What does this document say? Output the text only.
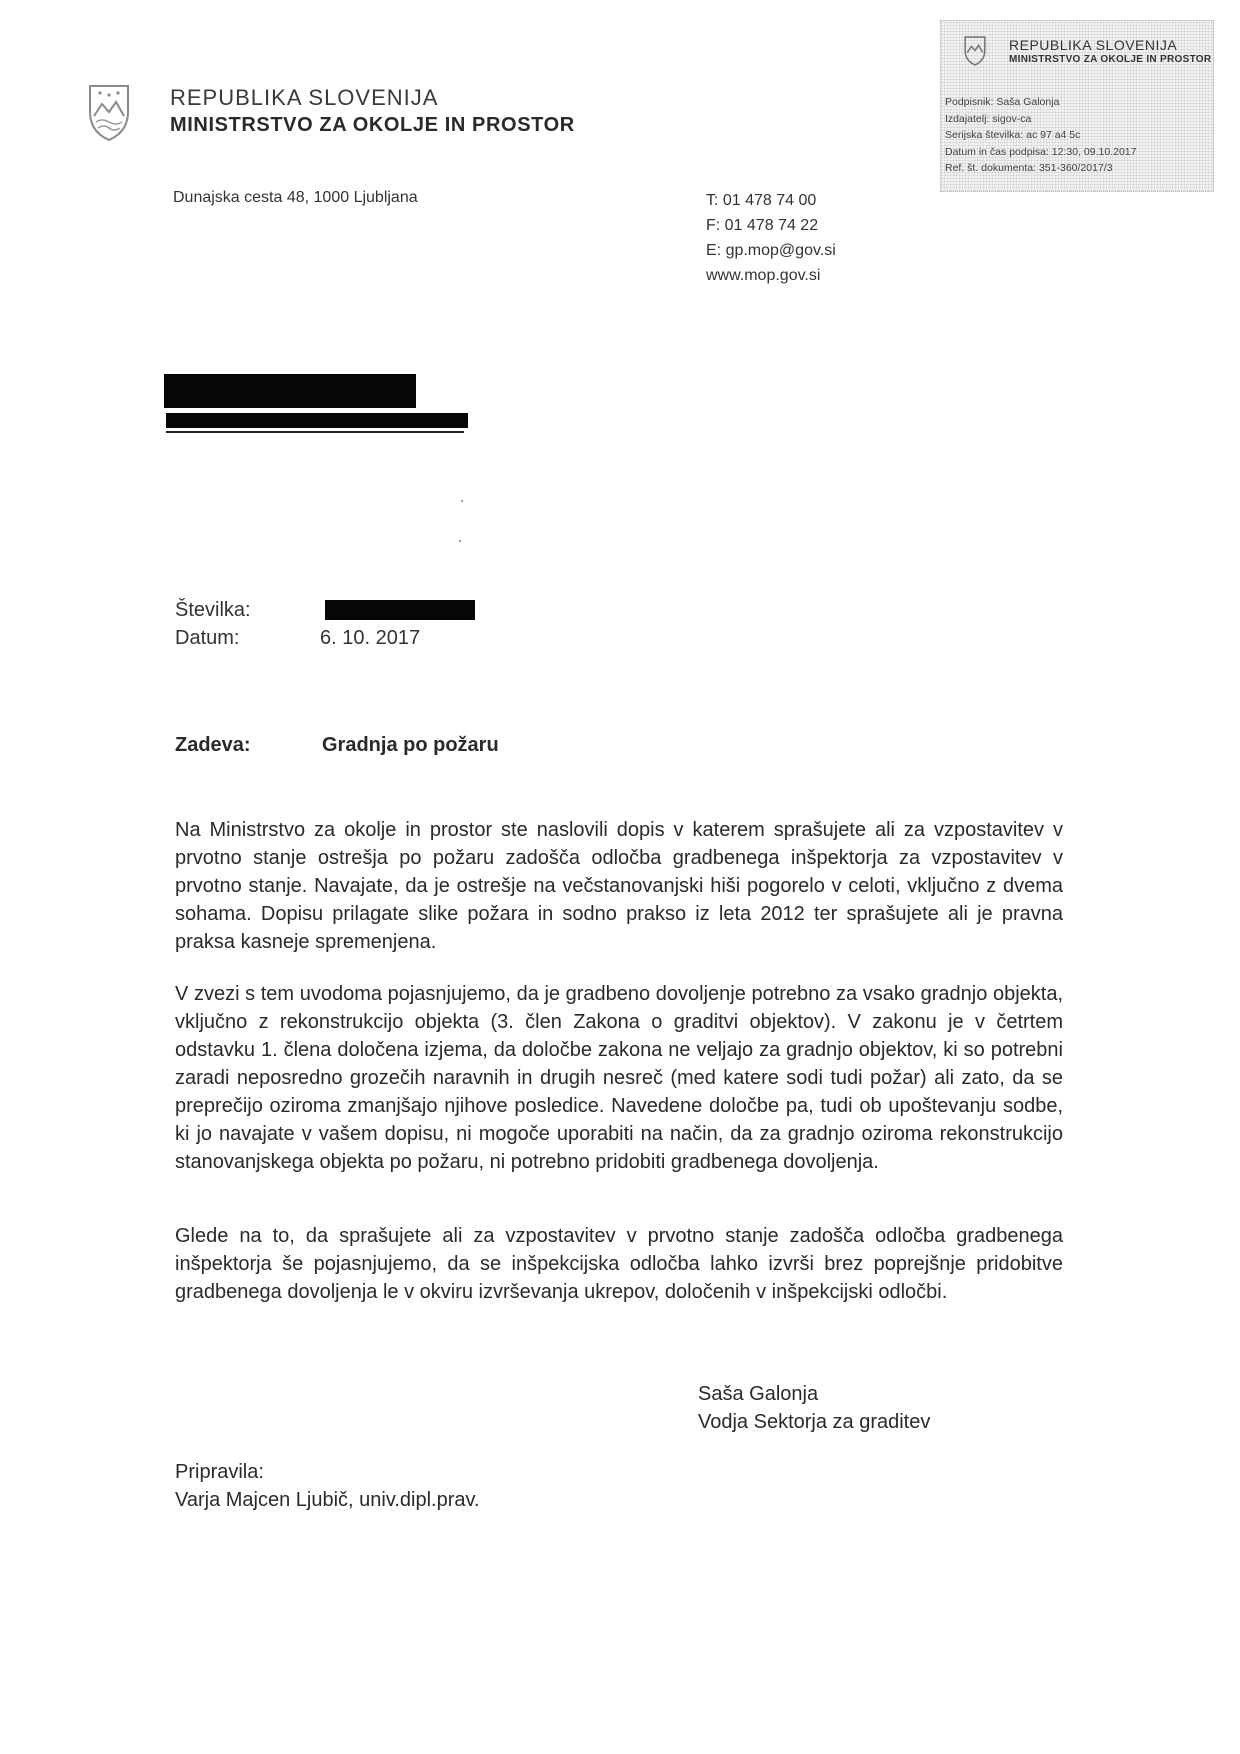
REPUBLIKA SLOVENIJA
MINISTRSTVO ZA OKOLJE IN PROSTOR
Dunajska cesta 48, 1000 Ljubljana	T: 01 478 74 00
F: 01 478 74 22
E: gp.mop@gov.si
www.mop.gov.si
REPUBLIKA SLOVENIJA
MINISTRSTVO ZA OKOLJE IN PROSTOR
Podpisnik: Saša Galonja
Izdajatelj: sigov-ca
Serijska številka: ac 97 a4 5c
Datum in čas podpisa: 12:30, 09.10.2017
Ref. št. dokumenta: 351-360/2017/3
Številka:
Datum:	6. 10. 2017
Zadeva:	Gradnja po požaru

Na Ministrstvo za okolje in prostor ste naslovili dopis v katerem sprašujete ali za vzpostavitev v prvotno stanje ostrešja po požaru zadošča odločba gradbenega inšpektorja za vzpostavitev v prvotno stanje. Navajate, da je ostrešje na večstanovanjski hiši pogorelo v celoti, vključno z dvema sohama. Dopisu prilagate slike požara in sodno prakso iz leta 2012 ter sprašujete ali je pravna praksa kasneje spremenjena.

V zvezi s tem uvodoma pojasnjujemo, da je gradbeno dovoljenje potrebno za vsako gradnjo objekta, vključno z rekonstrukcijo objekta (3. člen Zakona o graditvi objektov). V zakonu je v četrtem odstavku 1. člena določena izjema, da določbe zakona ne veljajo za gradnjo objektov, ki so potrebni zaradi neposredno grozečih naravnih in drugih nesreč (med katere sodi tudi požar) ali zato, da se preprečijo oziroma zmanjšajo njihove posledice. Navedene določbe pa, tudi ob upoštevanju sodbe, ki jo navajate v vašem dopisu, ni mogoče uporabiti na način, da za gradnjo oziroma rekonstrukcijo stanovanjskega objekta po požaru, ni potrebno pridobiti gradbenega dovoljenja.

Glede na to, da sprašujete ali za vzpostavitev v prvotno stanje zadošča odločba gradbenega inšpektorja še pojasnjujemo, da se inšpekcijska odločba lahko izvrši brez poprejšnje pridobitve gradbenega dovoljenja le v okviru izvrševanja ukrepov, določenih v inšpekcijski odločbi.

Saša Galonja
Vodja Sektorja za graditev
Pripravila:
Varja Majcen Ljubič, univ.dipl.prav.
